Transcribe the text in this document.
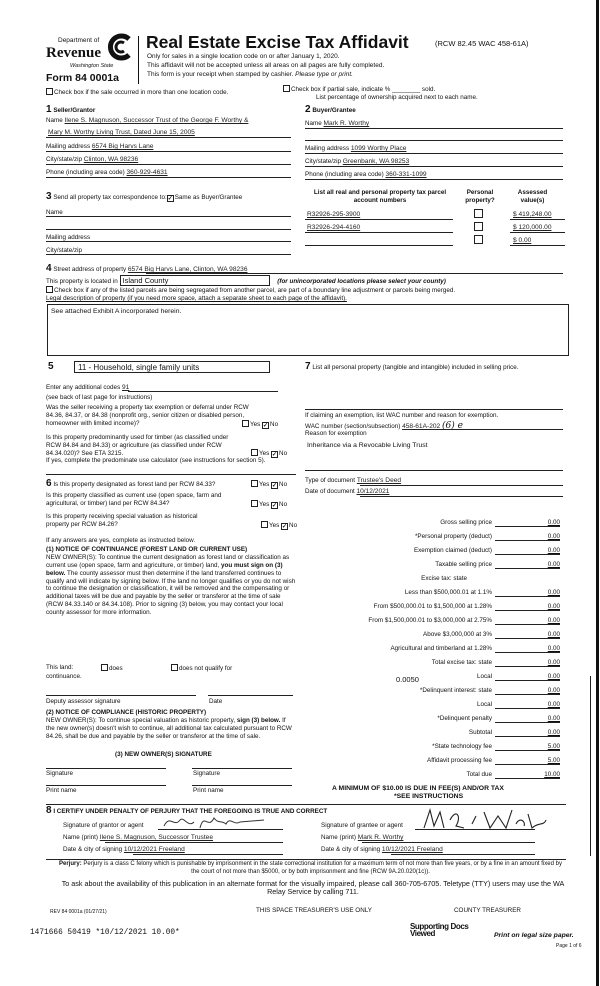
Department of
Revenue
Washington State
Form 84 0001a
Real Estate Excise Tax Affidavit	(RCW 82.45 WAC 458-61A)
Only for sales in a single location code on or after January 1, 2020.
This affidavit will not be accepted unless all areas on all pages are fully completed.
This form is your receipt when stamped by cashier. Please type or print.
Check box if the sale occurred in more than one location code.	Check box if partial sale, indicate % ________ sold.
List percentage of ownership acquired next to each name.
1 Seller/Grantor
Name Ilene S. Magnuson, Successor Trust of the George F. Worthy &
Mary M. Worthy Living Trust, Dated June 15, 2005
Mailing address 6574 Big Harvs Lane
City/state/zip Clinton, WA 98236
Phone (including area code) 360-929-4631
2 Buyer/Grantee
Name Mark R. Worthy
Mailing address 1099 Worthy Place
City/state/zip Greenbank, WA 98253
Phone (including area code) 360-331-1099
3 Send all property tax correspondence to:✓ Same as Buyer/Grantee
Name
Mailing address
City/state/zip
List all real and personal property tax parcel account numbers
Personal property?
Assessed value(s)
R32926-295-3900	$ 419,248.00
R32926-294-4160	$ 120,000.00
$ 0.00
4 Street address of property 6574 Big Harvs Lane, Clinton, WA 98236
This property is located in Island County	(for unincorporated locations please select your county)
Check box if any of the listed parcels are being segregated from another parcel, are part of a boundary line adjustment or parcels being merged.
Legal description of property (if you need more space, attach a separate sheet to each page of the affidavit).
See attached Exhibit A incorporated herein.
5	11 - Household, single family units
Enter any additional codes 91
(see back of last page for instructions)
Was the seller receiving a property tax exemption or deferral under RCW 84.36, 84.37, or 84.38 (nonprofit org., senior citizen or disabled person, homeowner with limited income)?	Yes ✓ No
Is this property predominantly used for timber (as classified under RCW 84.84 and 84.33) or agriculture (as classified under RCW 84.34.020)? See ETA 3215.	Yes ✓ No
If yes, complete the predominate use calculator (see instructions for section 5).
6 Is this property designated as forest land per RCW 84.33?	Yes ✓ No
Is this property classified as current use (open space, farm and agricultural, or timber) land per RCW 84.34?	Yes ✓ No
Is this property receiving special valuation as historical property per RCW 84.26?	Yes ✓ No
If any answers are yes, complete as instructed below.
(1) NOTICE OF CONTINUANCE (FOREST LAND OR CURRENT USE)
NEW OWNER(S): To continue the current designation as forest land or classification as current use (open space, farm and agriculture, or timber) land, you must sign on (3) below. The county assessor must then determine if the land transferred continues to qualify and will indicate by signing below. If the land no longer qualifies or you do not wish to continue the designation or classification, it will be removed and the compensating or additional taxes will be due and payable by the seller or transferor at the time of sale (RCW 84.33.140 or 84.34.108). Prior to signing (3) below, you may contact your local county assessor for more information.
This land:	does	does not qualify for
continuance.
Deputy assessor signature	Date
(2) NOTICE OF COMPLIANCE (HISTORIC PROPERTY)
NEW OWNER(S): To continue special valuation as historic property, sign (3) below. If the new owner(s) doesn't wish to continue, all additional tax calculated pursuant to RCW 84.26, shall be due and payable by the seller or transferor at the time of sale.
(3) NEW OWNER(S) SIGNATURE
Signature	Signature
Print name	Print name
7 List all personal property (tangible and intangible) included in selling price.
If claiming an exemption, list WAC number and reason for exemption.
WAC number (section/subsection) 458-61A-202 (6) e
Reason for exemption
Inheritance via a Revocable Living Trust
Type of document Trustee's Deed
Date of document 10/12/2021
Gross selling price	0.00
*Personal property (deduct)	0.00
Exemption claimed (deduct)	0.00
Taxable selling price	0.00
Excise tax: state
Less than $500,000.01 at 1.1%	0.00
From $500,000.01 to $1,500,000 at 1.28%	0.00
From $1,500,000.01 to $3,000,000 at 2.75%	0.00
Above $3,000,000 at 3%	0.00
Agricultural and timberland at 1.28%	0.00
Total excise tax: state	0.00
Local	0.00
*Delinquent interest: state	0.00
Local	0.00
*Delinquent penalty	0.00
Subtotal	0.00
*State technology fee	5.00
Affidavit processing fee	5.00
Total due	10.00
0.0050
A MINIMUM OF $10.00 IS DUE IN FEE(S) AND/OR TAX
*SEE INSTRUCTIONS
8 I CERTIFY UNDER PENALTY OF PERJURY THAT THE FOREGOING IS TRUE AND CORRECT
Signature of grantor or agent
Name (print) Ilene S. Magnuson, Successor Trustee
Date & city of signing 10/12/2021 Freeland
Signature of grantee or agent
Name (print) Mark R. Worthy
Date & city of signing 10/12/2021 Freeland
Perjury: Perjury is a class C felony which is punishable by imprisonment in the state correctional institution for a maximum term of not more than five years, or by a fine in an amount fixed by the court of not more than $5000, or by both imprisonment and fine (RCW 9A.20.020(1c)).
To ask about the availability of this publication in an alternate format for the visually impaired, please call 360-705-6705. Teletype (TTY) users may use the WA Relay Service by calling 711.
REV 84 0001a (01/27/21)	THIS SPACE TREASURER'S USE ONLY	COUNTY TREASURER
1471666 50419 *10/12/2021 10.00*
Supporting Docs Viewed	Print on legal size paper.
Page 1 of 6
